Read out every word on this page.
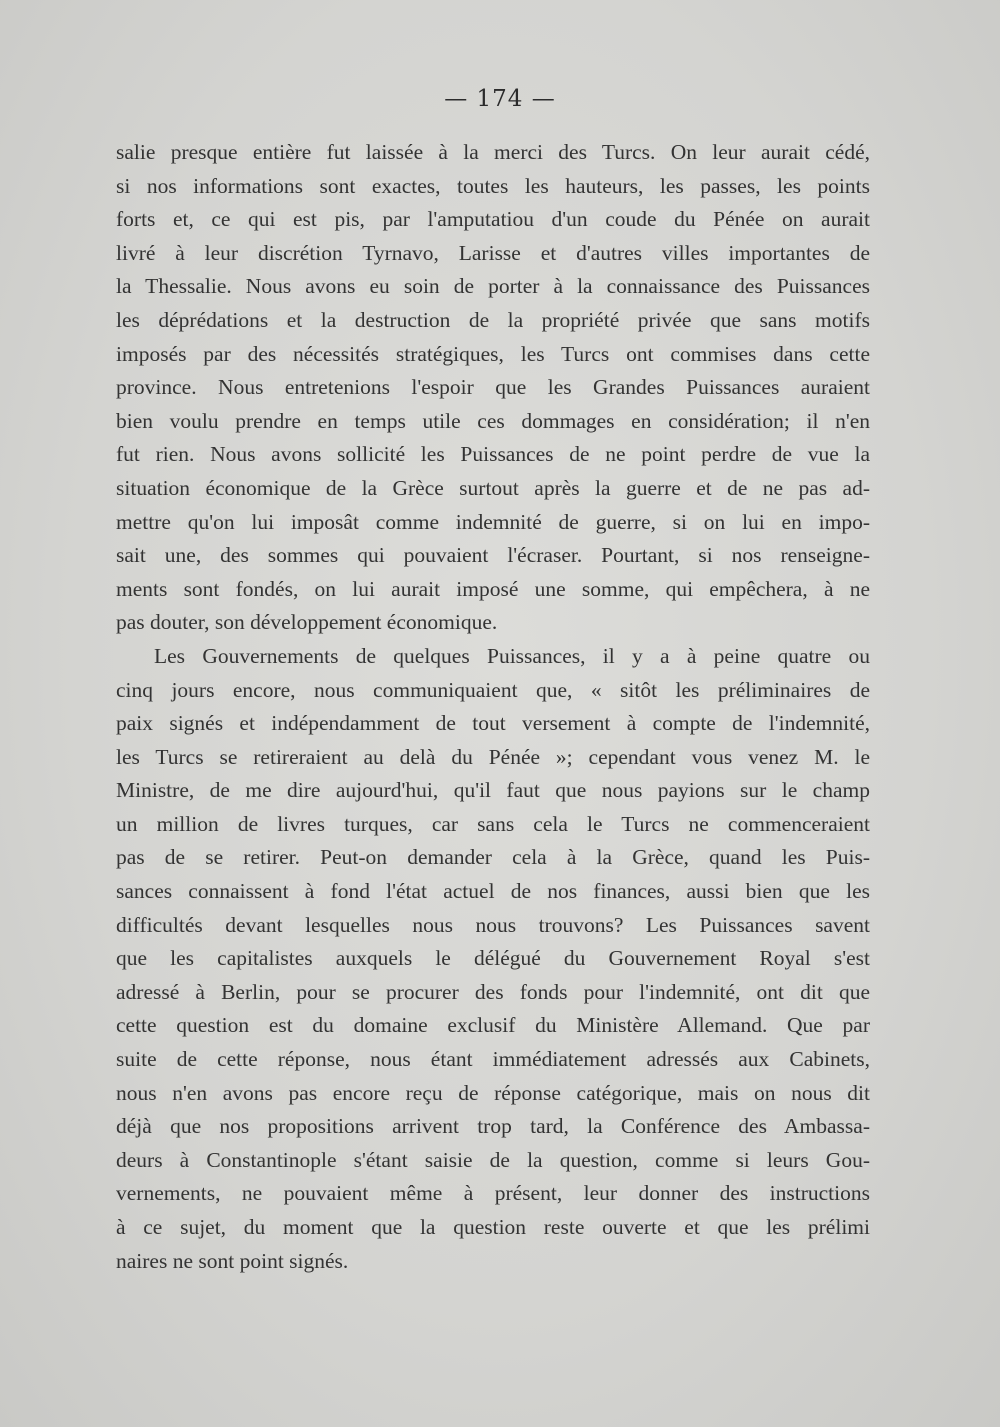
— 174 —
salie presque entière fut laissée à la merci des Turcs. On leur aurait cédé,
si nos informations sont exactes, toutes les hauteurs, les passes, les points
forts et, ce qui est pis, par l'amputatiou d'un coude du Pénée on aurait
livré à leur discrétion Tyrnavo, Larisse et d'autres villes importantes de
la Thessalie. Nous avons eu soin de porter à la connaissance des Puissances
les déprédations et la destruction de la propriété privée que sans motifs
imposés par des nécessités stratégiques, les Turcs ont commises dans cette
province. Nous entretenions l'espoir que les Grandes Puissances auraient
bien voulu prendre en temps utile ces dommages en considération; il n'en
fut rien. Nous avons sollicité les Puissances de ne point perdre de vue la
situation économique de la Grèce surtout après la guerre et de ne pas ad-
mettre qu'on lui imposât comme indemnité de guerre, si on lui en impo-
sait une, des sommes qui pouvaient l'écraser. Pourtant, si nos renseigne-
ments sont fondés, on lui aurait imposé une somme, qui empêchera, à ne
pas douter, son développement économique.
Les Gouvernements de quelques Puissances, il y a à peine quatre ou
cinq jours encore, nous communiquaient que, « sitôt les préliminaires de
paix signés et indépendamment de tout versement à compte de l'indemnité,
les Turcs se retireraient au delà du Pénée »; cependant vous venez M. le
Ministre, de me dire aujourd'hui, qu'il faut que nous payions sur le champ
un million de livres turques, car sans cela le Turcs ne commenceraient
pas de se retirer. Peut-on demander cela à la Grèce, quand les Puis-
sances connaissent à fond l'état actuel de nos finances, aussi bien que les
difficultés devant lesquelles nous nous trouvons? Les Puissances savent
que les capitalistes auxquels le délégué du Gouvernement Royal s'est
adressé à Berlin, pour se procurer des fonds pour l'indemnité, ont dit que
cette question est du domaine exclusif du Ministère Allemand. Que par
suite de cette réponse, nous étant immédiatement adressés aux Cabinets,
nous n'en avons pas encore reçu de réponse catégorique, mais on nous dit
déjà que nos propositions arrivent trop tard, la Conférence des Ambassa-
deurs à Constantinople s'étant saisie de la question, comme si leurs Gou-
vernements, ne pouvaient même à présent, leur donner des instructions
à ce sujet, du moment que la question reste ouverte et que les prélimi
naires ne sont point signés.
